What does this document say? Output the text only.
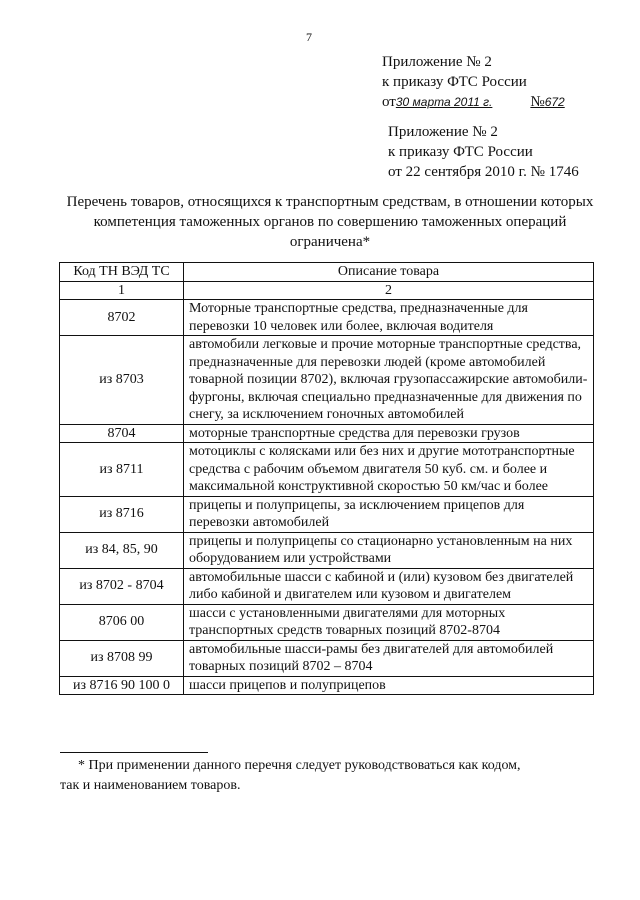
7
Приложение № 2
к приказу ФТС России
от30 марта 2011 г.	№672
Приложение № 2
к приказу ФТС России
от 22 сентября 2010 г. № 1746
Перечень товаров, относящихся к транспортным средствам, в отношении которых компетенция таможенных органов по совершению таможенных операций ограничена*
Код ТН ВЭД ТС	Описание товара
1	2
8702	Моторные транспортные средства, предназначенные для перевозки 10 человек или более, включая водителя
из 8703	автомобили легковые и прочие моторные транспортные средства, предназначенные для перевозки людей (кроме автомобилей товарной позиции 8702), включая грузопассажирские автомобили-фургоны, включая специально предназначенные для движения по снегу, за исключением гоночных автомобилей
8704	моторные транспортные средства для перевозки грузов
из 8711	мотоциклы с колясками или без них и другие мототранспортные средства с рабочим объемом двигателя 50 куб. см. и более и максимальной конструктивной скоростью 50 км/час и более
из 8716	прицепы и полуприцепы, за исключением прицепов для перевозки автомобилей
из 84, 85, 90	прицепы и полуприцепы со стационарно установленным на них оборудованием или устройствами
из 8702 - 8704	автомобильные шасси с кабиной и (или) кузовом без двигателей либо кабиной и двигателем или кузовом и двигателем
8706 00	шасси с установленными двигателями для моторных транспортных средств товарных позиций 8702-8704
из 8708 99	автомобильные шасси-рамы без двигателей для автомобилей товарных позиций 8702 – 8704
из 8716 90 100 0	шасси прицепов и полуприцепов
* При применении данного перечня следует руководствоваться как кодом,
так и наименованием товаров.
